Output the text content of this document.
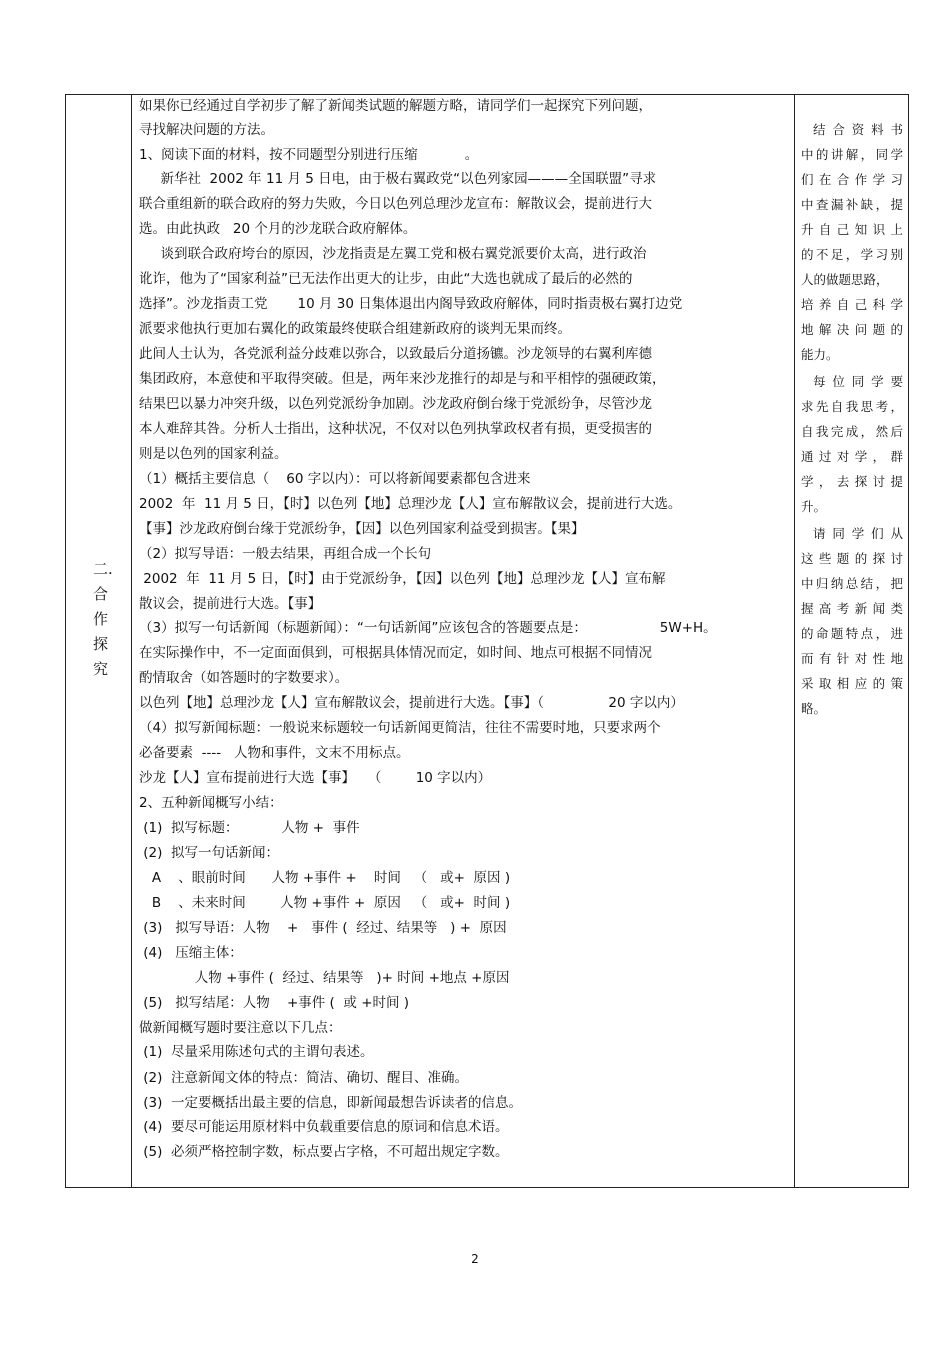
二.
合
作
探
究
如果你已经通过自学初步了解了新闻类试题的解题方略，请同学们一起探究下列问题，
寻找解决问题的方法。
1、阅读下面的材料，按不同题型分别进行压缩           。
新华社  2002 年 11 月 5 日电，由于极右翼政党“以色列家园———全国联盟”寻求
联合重组新的联合政府的努力失败，今日以色列总理沙龙宣布：解散议会，提前进行大
选。由此执政   20 个月的沙龙联合政府解体。
谈到联合政府垮台的原因，沙龙指责是左翼工党和极右翼党派要价太高，进行政治
讹诈，他为了“国家利益”已无法作出更大的让步，由此“大选也就成了最后的必然的
选择”。沙龙指责工党       10 月 30 日集体退出内阁导致政府解体，同时指责极右翼打边党
派要求他执行更加右翼化的政策最终使联合组建新政府的谈判无果而终。
此间人士认为，各党派利益分歧难以弥合，以致最后分道扬镳。沙龙领导的右翼利库德
集团政府，本意使和平取得突破。但是，两年来沙龙推行的却是与和平相悖的强硬政策，
结果巴以暴力冲突升级，以色列党派纷争加剧。沙龙政府倒台缘于党派纷争，尽管沙龙
本人难辞其咎。分析人士指出，这种状况，不仅对以色列执掌政权者有损，更受损害的
则是以色列的国家利益。
（1）概括主要信息（    60 字以内）：可以将新闻要素都包含进来
2002  年  11 月 5 日，【时】以色列【地】总理沙龙【人】宣布解散议会，提前进行大选。
【事】沙龙政府倒台缘于党派纷争，【因】以色列国家利益受到损害。【果】
（2）拟写导语：一般去结果，再组合成一个长句
2002  年  11 月 5 日，【时】由于党派纷争，【因】以色列【地】总理沙龙【人】宣布解
散议会，提前进行大选。【事】
（3）拟写一句话新闻（标题新闻）：“一句话新闻”应该包含的答题要点是：                 5W+H。
在实际操作中，不一定面面俱到，可根据具体情况而定，如时间、地点可根据不同情况
酌情取舍（如答题时的字数要求）。
以色列【地】总理沙龙【人】宣布解散议会，提前进行大选。【事】（               20 字以内）
（4）拟写新闻标题：一般说来标题较一句话新闻更简洁，往往不需要时地，只要求两个
必备要素  ----   人物和事件，文末不用标点。
沙龙【人】宣布提前进行大选【事】   （        10 字以内）
2、五种新闻概写小结：
(1)  拟写标题：          人物 +  事件
(2)  拟写一句话新闻：
A    、眼前时间      人物 +事件 +    时间   （   或+  原因 )
B    、未来时间        人物 +事件 +  原因   （   或+  时间 )
(3)   拟写导语：人物    +   事件 (  经过、结果等   ) +  原因
(4)   压缩主体：
人物 +事件 (  经过、结果等   )+ 时间 +地点 +原因
(5)   拟写结尾：人物    +事件 (  或 +时间 )
做新闻概写题时要注意以下几点：
(1)  尽量采用陈述句式的主谓句表述。
(2)  注意新闻文体的特点：简洁、确切、醒目、准确。
(3)  一定要概括出最主要的信息，即新闻最想告诉读者的信息。
(4)  要尽可能运用原材料中负载重要信息的原词和信息术语。
(5)  必须严格控制字数，标点要占字格，不可超出规定字数。
结合资料书
中的讲解，同学
们在合作学习
中查漏补缺，提
升自己知识上
的不足，学习别
人的做题思路，
培养自己科学
地解决问题的
能力。
每位同学要
求先自我思考，
自我完成，然后
通过对学，群
学，去探讨提
升。
请同学们从
这些题的探讨
中归纳总结，把
握高考新闻类
的命题特点，进
而有针对性地
采取相应的策
略。
2
